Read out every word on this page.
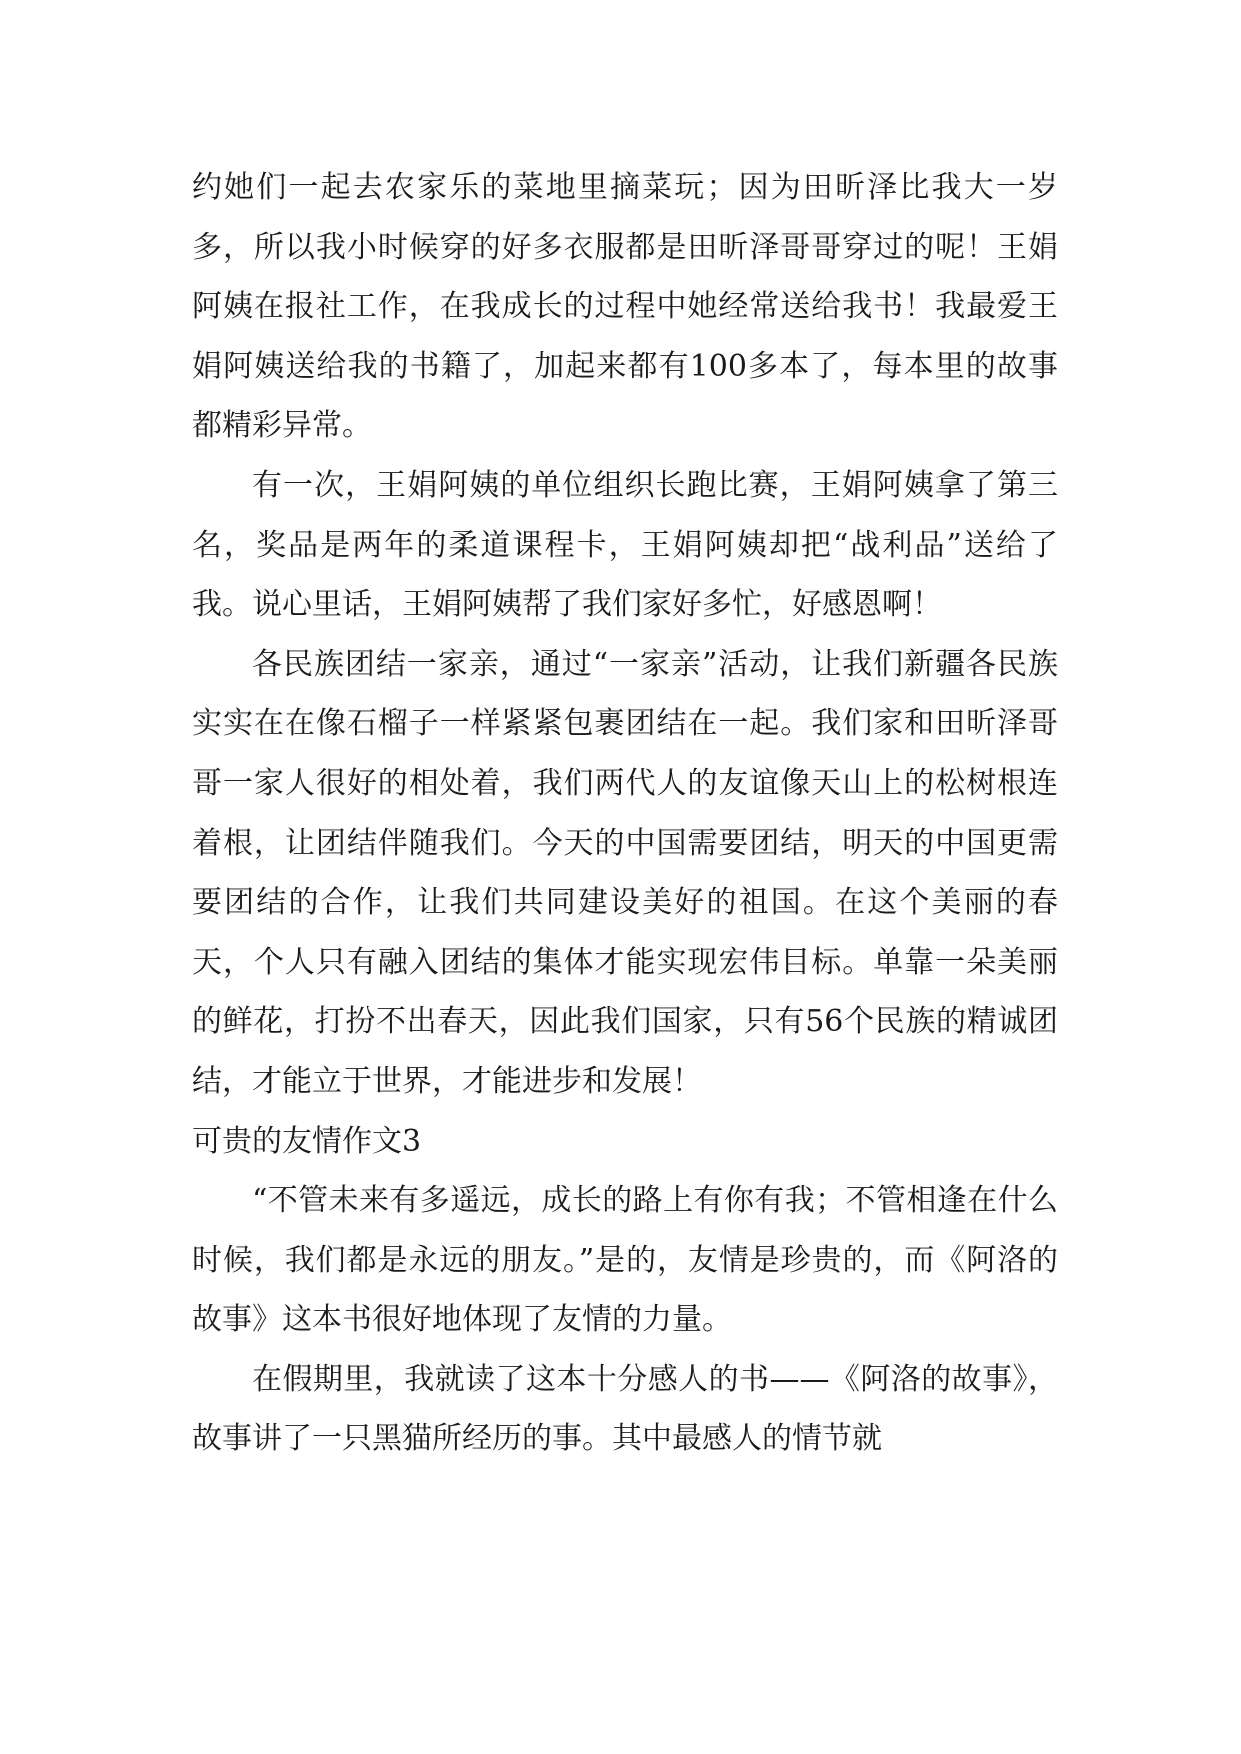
约她们一起去农家乐的菜地里摘菜玩；因为田昕泽比我大一岁多，所以我小时候穿的好多衣服都是田昕泽哥哥穿过的呢！王娟阿姨在报社工作，在我成长的过程中她经常送给我书！我最爱王娟阿姨送给我的书籍了，加起来都有100多本了，每本里的故事都精彩异常。

有一次，王娟阿姨的单位组织长跑比赛，王娟阿姨拿了第三名，奖品是两年的柔道课程卡，王娟阿姨却把“战利品”送给了我。说心里话，王娟阿姨帮了我们家好多忙，好感恩啊！

各民族团结一家亲，通过“一家亲”活动，让我们新疆各民族实实在在像石榴子一样紧紧包裹团结在一起。我们家和田昕泽哥哥一家人很好的相处着，我们两代人的友谊像天山上的松树根连着根，让团结伴随我们。今天的中国需要团结，明天的中国更需要团结的合作，让我们共同建设美好的祖国。在这个美丽的春天，个人只有融入团结的集体才能实现宏伟目标。单靠一朵美丽的鲜花，打扮不出春天，因此我们国家，只有56个民族的精诚团结，才能立于世界，才能进步和发展！

可贵的友情作文3

“不管未来有多遥远，成长的路上有你有我；不管相逢在什么时候，我们都是永远的朋友。”是的，友情是珍贵的，而《阿洛的故事》这本书很好地体现了友情的力量。

在假期里，我就读了这本十分感人的书——《阿洛的故事》，故事讲了一只黑猫所经历的事。其中最感人的情节就
